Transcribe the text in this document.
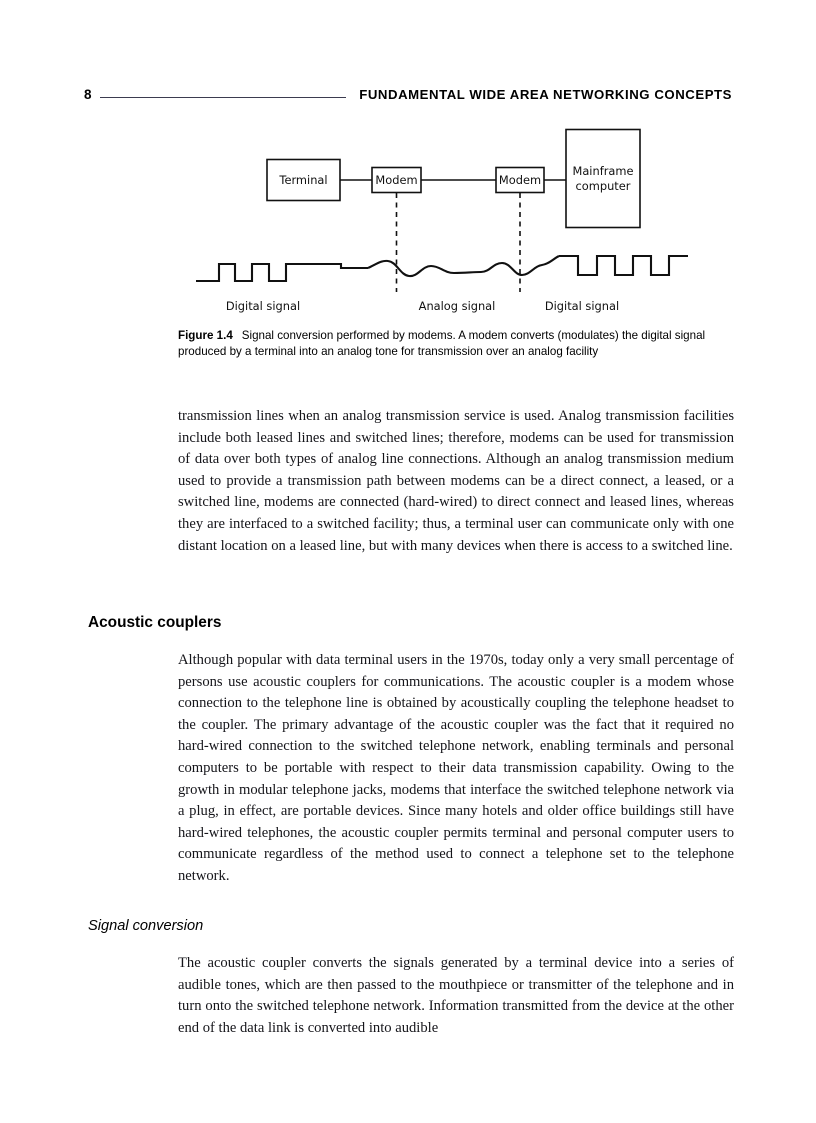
8	FUNDAMENTAL WIDE AREA NETWORKING CONCEPTS
Terminal	Modem	Modem
Mainframe
computer
Digital signal	Analog signal	Digital signal
Figure 1.4 Signal conversion performed by modems. A modem converts (modulates) the digital signal produced by a terminal into an analog tone for transmission over an analog facility

transmission lines when an analog transmission service is used. Analog transmission facilities include both leased lines and switched lines; therefore, modems can be used for transmission of data over both types of analog line connections. Although an analog transmission medium used to provide a transmission path between modems can be a direct connect, a leased, or a switched line, modems are connected (hard-wired) to direct connect and leased lines, whereas they are interfaced to a switched facility; thus, a terminal user can communicate only with one distant location on a leased line, but with many devices when there is access to a switched line.

Acoustic couplers

Although popular with data terminal users in the 1970s, today only a very small percentage of persons use acoustic couplers for communications. The acoustic coupler is a modem whose connection to the telephone line is obtained by acoustically coupling the telephone headset to the coupler. The primary advantage of the acoustic coupler was the fact that it required no hard-wired connection to the switched telephone network, enabling terminals and personal computers to be portable with respect to their data transmission capability. Owing to the growth in modular telephone jacks, modems that interface the switched telephone network via a plug, in effect, are portable devices. Since many hotels and older office buildings still have hard-wired telephones, the acoustic coupler permits terminal and personal computer users to communicate regardless of the method used to connect a telephone set to the telephone network.

Signal conversion

The acoustic coupler converts the signals generated by a terminal device into a series of audible tones, which are then passed to the mouthpiece or transmitter of the telephone and in turn onto the switched telephone network. Information transmitted from the device at the other end of the data link is converted into audible
